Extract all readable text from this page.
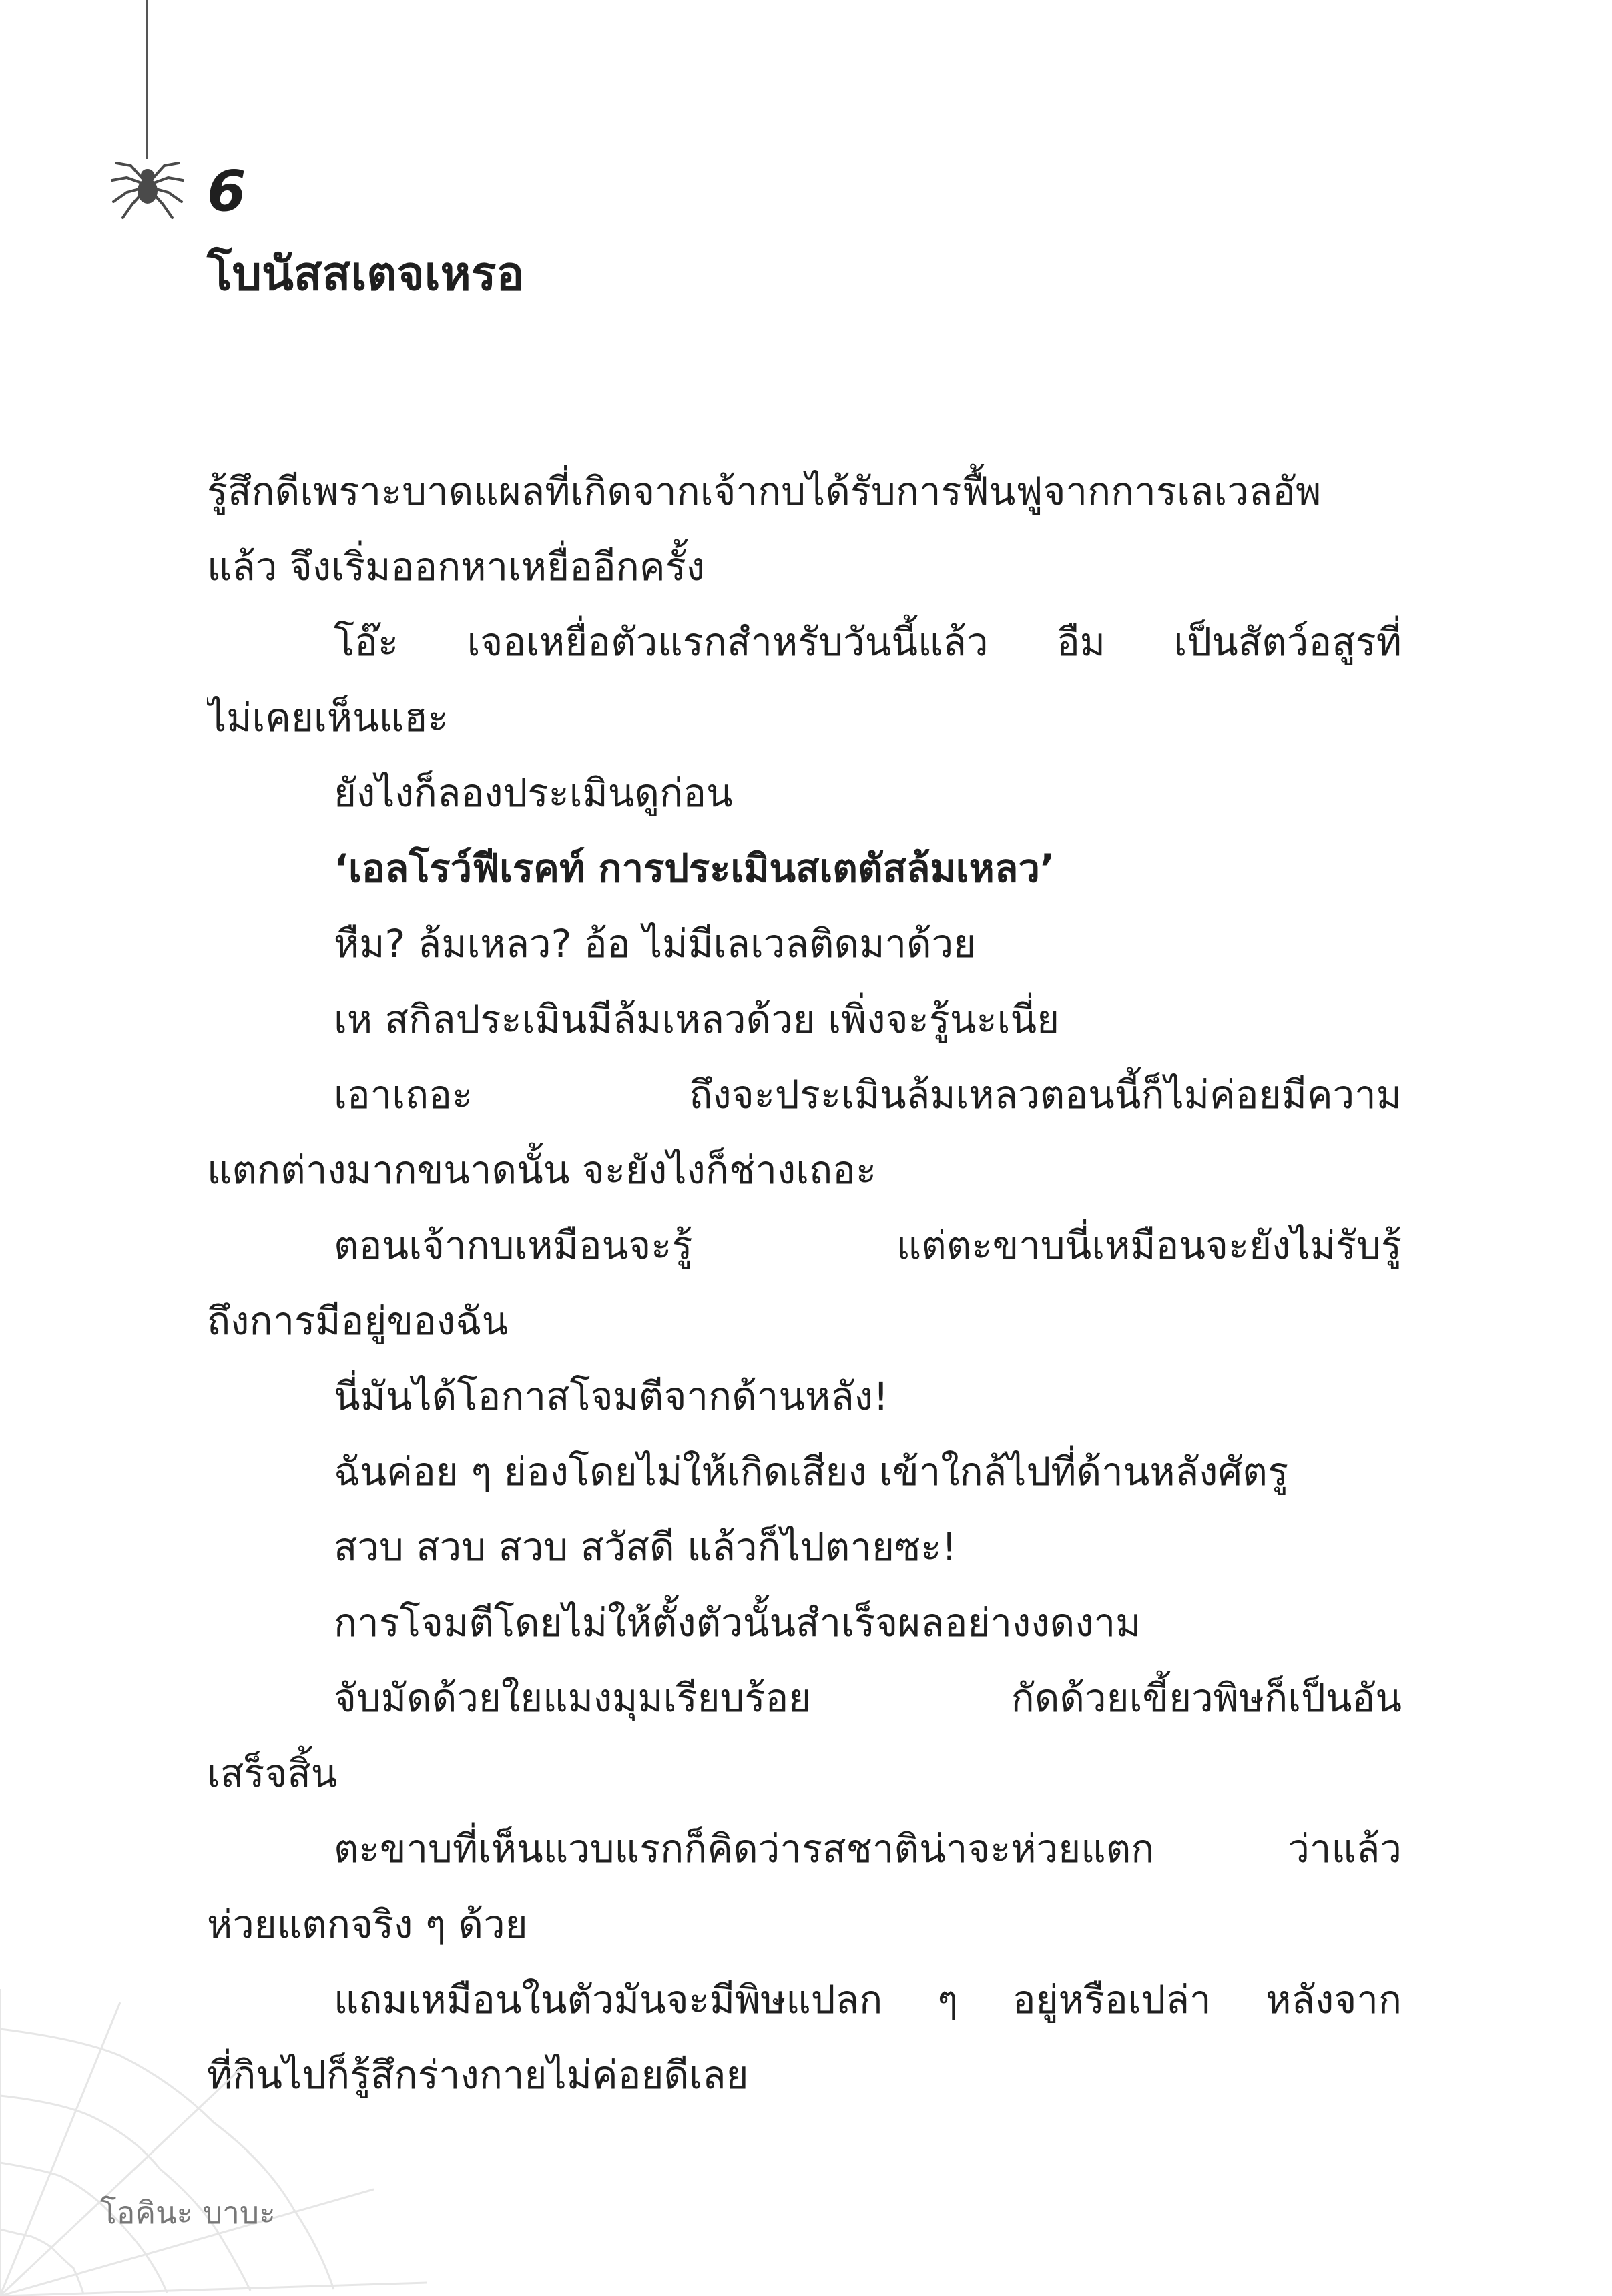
6
โบนัสสเตจเหรอ
รู้สึกดีเพราะบาดแผลที่เกิดจากเจ้ากบได้รับการฟื้นฟูจากการเลเวลอัพ
แล้ว จึงเริ่มออกหาเหยื่ออีกครั้ง
โอ๊ะ เจอเหยื่อตัวแรกสำหรับวันนี้แล้ว อืม เป็นสัตว์อสูรที่
ไม่เคยเห็นแฮะ
ยังไงก็ลองประเมินดูก่อน
‘เอลโรว์ฟีเรคท์ การประเมินสเตตัสล้มเหลว’
หืม? ล้มเหลว? อ้อ ไม่มีเลเวลติดมาด้วย
เห สกิลประเมินมีล้มเหลวด้วย เพิ่งจะรู้นะเนี่ย
เอาเถอะ ถึงจะประเมินล้มเหลวตอนนี้ก็ไม่ค่อยมีความ
แตกต่างมากขนาดนั้น จะยังไงก็ช่างเถอะ
ตอนเจ้ากบเหมือนจะรู้ แต่ตะขาบนี่เหมือนจะยังไม่รับรู้
ถึงการมีอยู่ของฉัน
นี่มันได้โอกาสโจมตีจากด้านหลัง!
ฉันค่อย ๆ ย่องโดยไม่ให้เกิดเสียง เข้าใกล้ไปที่ด้านหลังศัตรู
สวบ สวบ สวบ สวัสดี แล้วก็ไปตายซะ!
การโจมตีโดยไม่ให้ตั้งตัวนั้นสำเร็จผลอย่างงดงาม
จับมัดด้วยใยแมงมุมเรียบร้อย กัดด้วยเขี้ยวพิษก็เป็นอัน
เสร็จสิ้น
ตะขาบที่เห็นแวบแรกก็คิดว่ารสชาติน่าจะห่วยแตก ว่าแล้ว
ห่วยแตกจริง ๆ ด้วย
แถมเหมือนในตัวมันจะมีพิษแปลก ๆ อยู่หรือเปล่า หลังจาก
ที่กินไปก็รู้สึกร่างกายไม่ค่อยดีเลย
โอคินะ บาบะ
